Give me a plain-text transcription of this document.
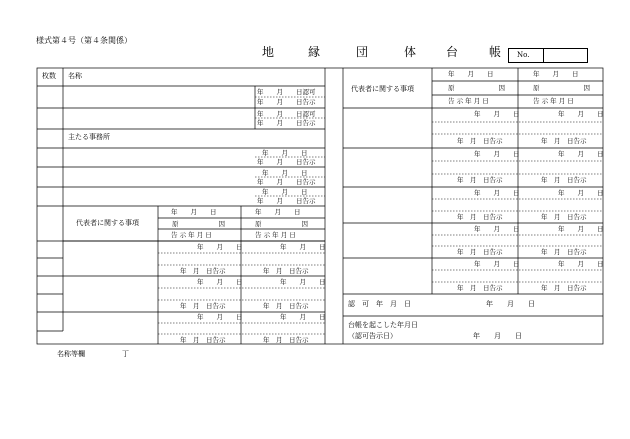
様式第４号（第４条関係）
地	縁	団	体 台	帳 No.
枚数 名称
年　　月　　日認可
年　　月　　日告示
年　　月　　日認可
年　　月　　日告示
主たる事務所
年　　月　　日
年　　月　　日告示
年　　月　　日
年　　月　　日告示
年　　月　　日
年　　月　　日告示
代表者に関する事項
年　　月　　日	年　　月　　日
原	因	原	因
告 示 年 月 日	告 示 年 月 日
年　　月　　日	年　　月　　日
年　月　日告示	年　月　日告示
年　　月　　日	年　　月　　日
年　月　日告示	年　月　日告示
年　　月　　日	年　　月　　日
年　月　日告示	年　月　日告示
代表者に関する事項
年　　月　　日	年　　月　　日
原	因	原	因
告 示 年 月 日	告 示 年 月 日
年　　月　　日	年　　月　　日
年　月　日告示	年　月　日告示
年　　月　　日	年　　月　　日
年　月　日告示	年　月　日告示
年　　月　　日	年　　月　　日
年　月　日告示	年　月　日告示
年　　月　　日	年　　月　　日
年　月　日告示	年　月　日告示
年　　月　　日	年　　月　　日
年　月　日告示	年　月　日告示
認　可　年　月　日	年　　月　　日
台帳を起こした年月日
（認可告示日）	年　　月　　日
名称等欄	丁
